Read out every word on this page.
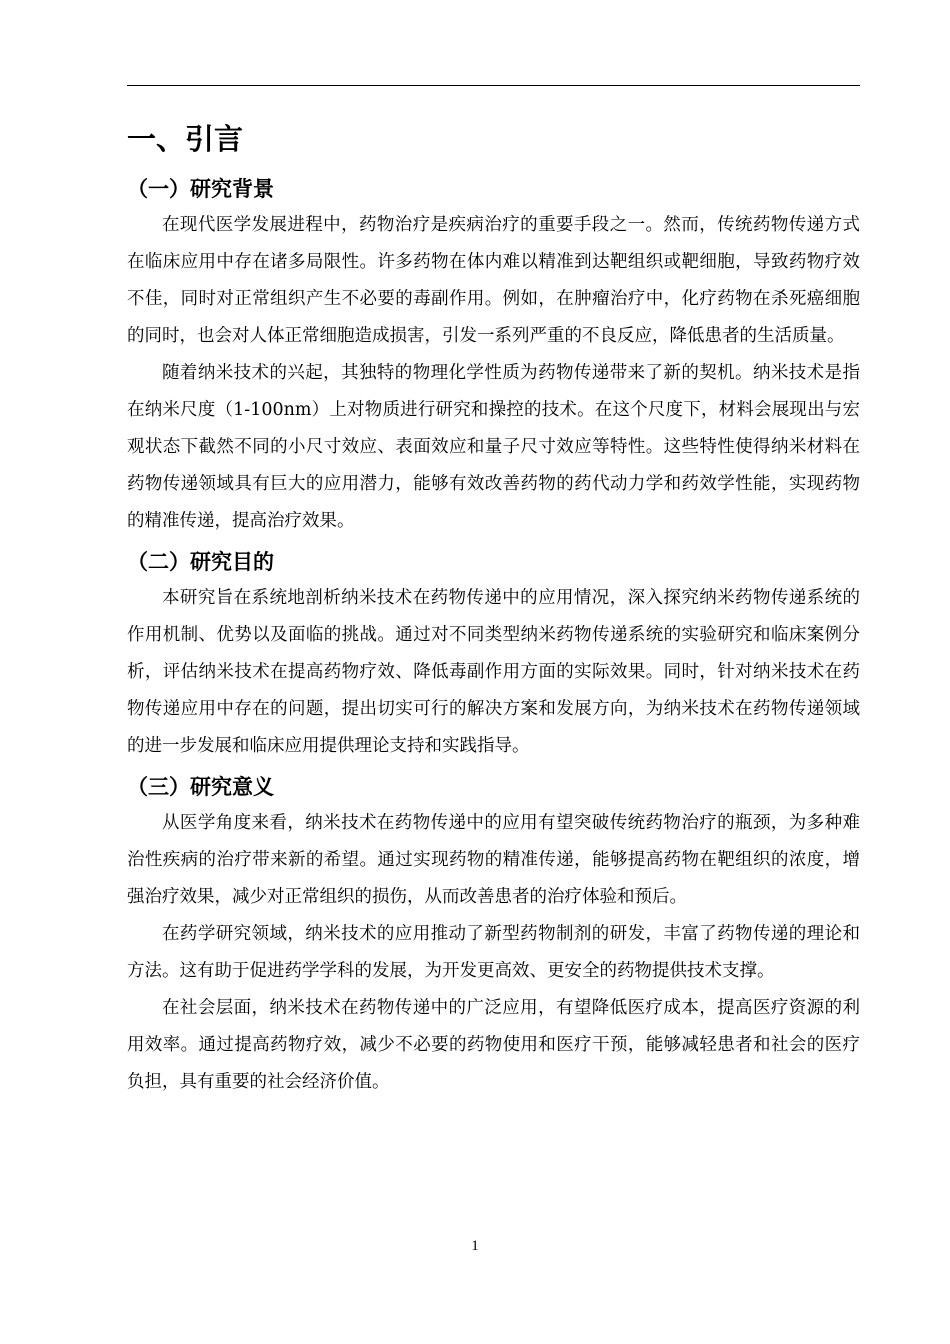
一、引言
（一）研究背景

在现代医学发展进程中，药物治疗是疾病治疗的重要手段之一。然而，传统药物传递方式在临床应用中存在诸多局限性。许多药物在体内难以精准到达靶组织或靶细胞，导致药物疗效不佳，同时对正常组织产生不必要的毒副作用。例如，在肿瘤治疗中，化疗药物在杀死癌细胞的同时，也会对人体正常细胞造成损害，引发一系列严重的不良反应，降低患者的生活质量。

随着纳米技术的兴起，其独特的物理化学性质为药物传递带来了新的契机。纳米技术是指在纳米尺度（1-100nm）上对物质进行研究和操控的技术。在这个尺度下，材料会展现出与宏观状态下截然不同的小尺寸效应、表面效应和量子尺寸效应等特性。这些特性使得纳米材料在药物传递领域具有巨大的应用潜力，能够有效改善药物的药代动力学和药效学性能，实现药物的精准传递，提高治疗效果。

（二）研究目的

本研究旨在系统地剖析纳米技术在药物传递中的应用情况，深入探究纳米药物传递系统的作用机制、优势以及面临的挑战。通过对不同类型纳米药物传递系统的实验研究和临床案例分析，评估纳米技术在提高药物疗效、降低毒副作用方面的实际效果。同时，针对纳米技术在药物传递应用中存在的问题，提出切实可行的解决方案和发展方向，为纳米技术在药物传递领域的进一步发展和临床应用提供理论支持和实践指导。

（三）研究意义

从医学角度来看，纳米技术在药物传递中的应用有望突破传统药物治疗的瓶颈，为多种难治性疾病的治疗带来新的希望。通过实现药物的精准传递，能够提高药物在靶组织的浓度，增强治疗效果，减少对正常组织的损伤，从而改善患者的治疗体验和预后。

在药学研究领域，纳米技术的应用推动了新型药物制剂的研发，丰富了药物传递的理论和方法。这有助于促进药学学科的发展，为开发更高效、更安全的药物提供技术支撑。

在社会层面，纳米技术在药物传递中的广泛应用，有望降低医疗成本，提高医疗资源的利用效率。通过提高药物疗效，减少不必要的药物使用和医疗干预，能够减轻患者和社会的医疗负担，具有重要的社会经济价值。

1
